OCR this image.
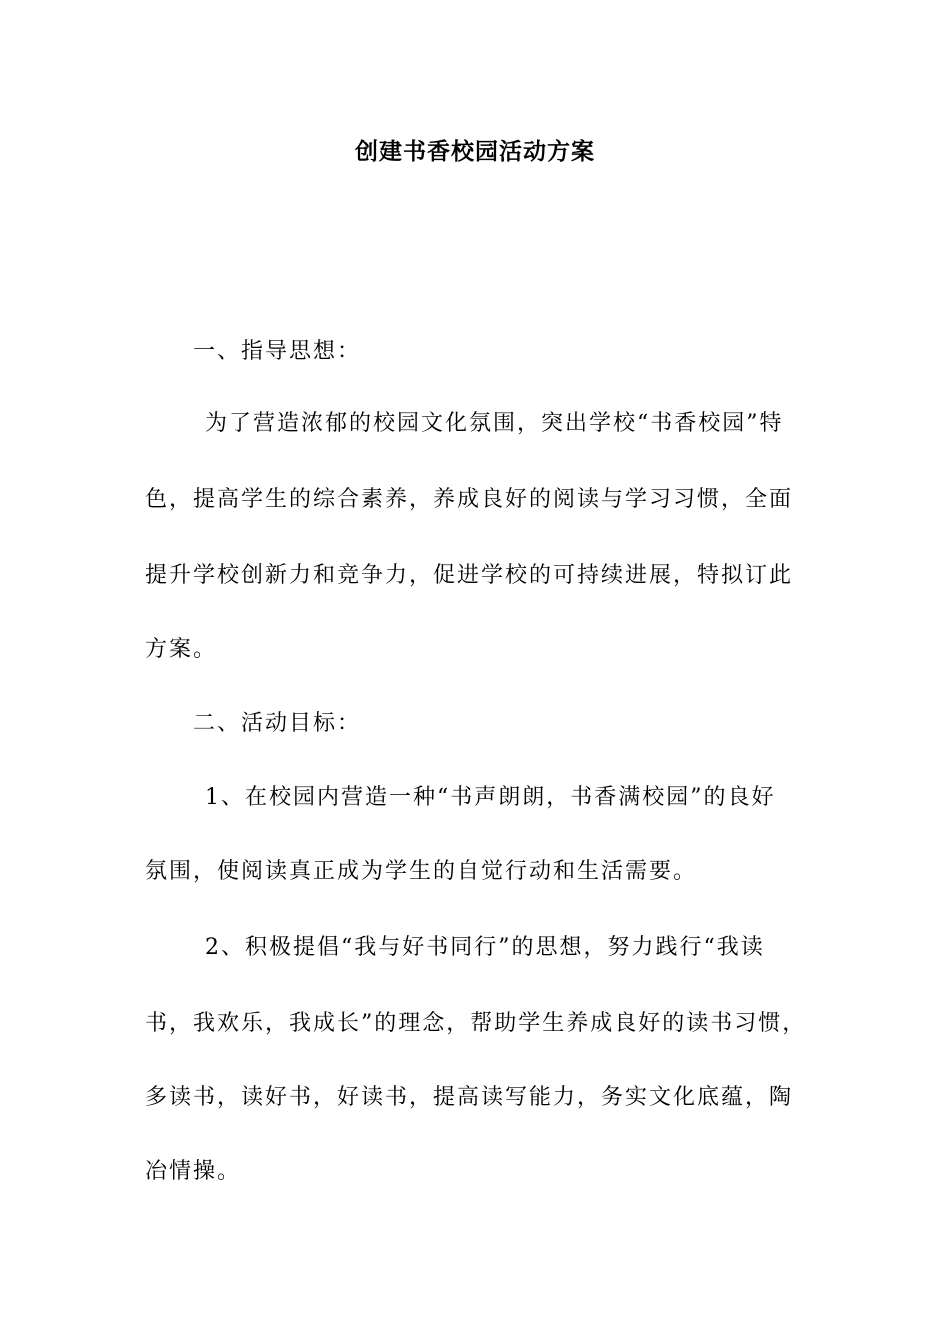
创建书香校园活动方案
一、指导思想：
为了营造浓郁的校园文化氛围，突出学校“书香校园”特
色，提高学生的综合素养，养成良好的阅读与学习习惯，全面
提升学校创新力和竞争力，促进学校的可持续进展，特拟订此
方案。
二、活动目标：
1、在校园内营造一种“书声朗朗，书香满校园”的良好
氛围，使阅读真正成为学生的自觉行动和生活需要。
2、积极提倡“我与好书同行”的思想，努力践行“我读
书，我欢乐，我成长”的理念，帮助学生养成良好的读书习惯，
多读书，读好书，好读书，提高读写能力，务实文化底蕴，陶
冶情操。
